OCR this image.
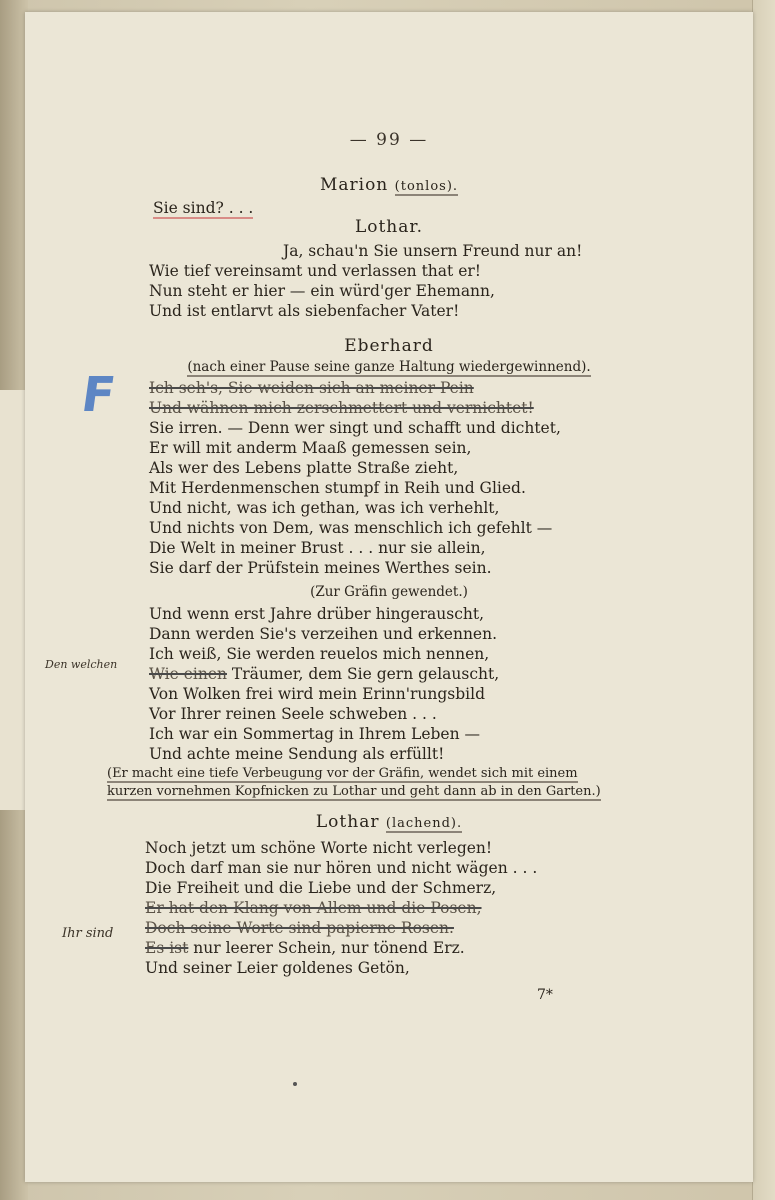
— 99 —
Marion (tonlos).
Sie sind? . . .
Lothar.
Ja, schau'n Sie unsern Freund nur an!
Wie tief vereinsamt und verlassen that er!
Nun steht er hier — ein würd'ger Ehemann,
Und ist entlarvt als siebenfacher Vater!
Eberhard
(nach einer Pause seine ganze Haltung wiedergewinnend).
Ich seh's, Sie weiden sich an meiner Pein
Und wähnen mich zerschmettert und vernichtet!
Sie irren. — Denn wer singt und schafft und dichtet,
Er will mit anderm Maaß gemessen sein,
Als wer des Lebens platte Straße zieht,
Mit Herdenmenschen stumpf in Reih und Glied.
Und nicht, was ich gethan, was ich verhehlt,
Und nichts von Dem, was menschlich ich gefehlt —
Die Welt in meiner Brust . . . nur sie allein,
Sie darf der Prüfstein meines Werthes sein.
(Zur Gräfin gewendet.)
Und wenn erst Jahre drüber hingerauscht,
Dann werden Sie's verzeihen und erkennen.
Ich weiß, Sie werden reuelos mich nennen,
Wie einen Träumer, dem Sie gern gelauscht,
Von Wolken frei wird mein Erinn'rungsbild
Vor Ihrer reinen Seele schweben . . .
Ich war ein Sommertag in Ihrem Leben —
Und achte meine Sendung als erfüllt!
(Er macht eine tiefe Verbeugung vor der Gräfin, wendet sich mit einem
kurzen vornehmen Kopfnicken zu Lothar und geht dann ab in den Garten.)
Lothar (lachend).
Noch jetzt um schöne Worte nicht verlegen!
Doch darf man sie nur hören und nicht wägen . . .
Die Freiheit und die Liebe und der Schmerz,
Er hat den Klang von Allem und die Posen,
Doch seine Worte sind papierne Rosen.
Es ist nur leerer Schein, nur tönend Erz.
Und seiner Leier goldenes Getön,
7*
F
Den welchen
Ihr sind
